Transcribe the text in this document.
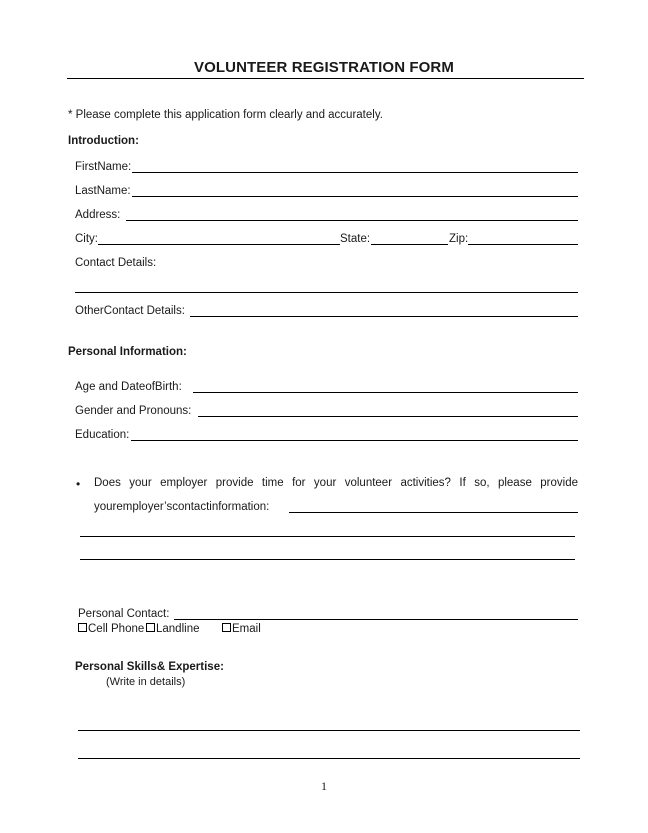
VOLUNTEER REGISTRATION FORM
* Please complete this application form clearly and accurately.
Introduction:
FirstName:
LastName:
Address:
City:	State:	Zip:
Contact Details:
OtherContact Details:
Personal Information:
Age and DateofBirth:
Gender and Pronouns:
Education:
• Does your employer provide time for your volunteer activities? If so, please provide
youremployer’scontactinformation:
Personal Contact:
Cell Phone	Landline	Email
Personal Skills& Expertise:
(Write in details)
1
